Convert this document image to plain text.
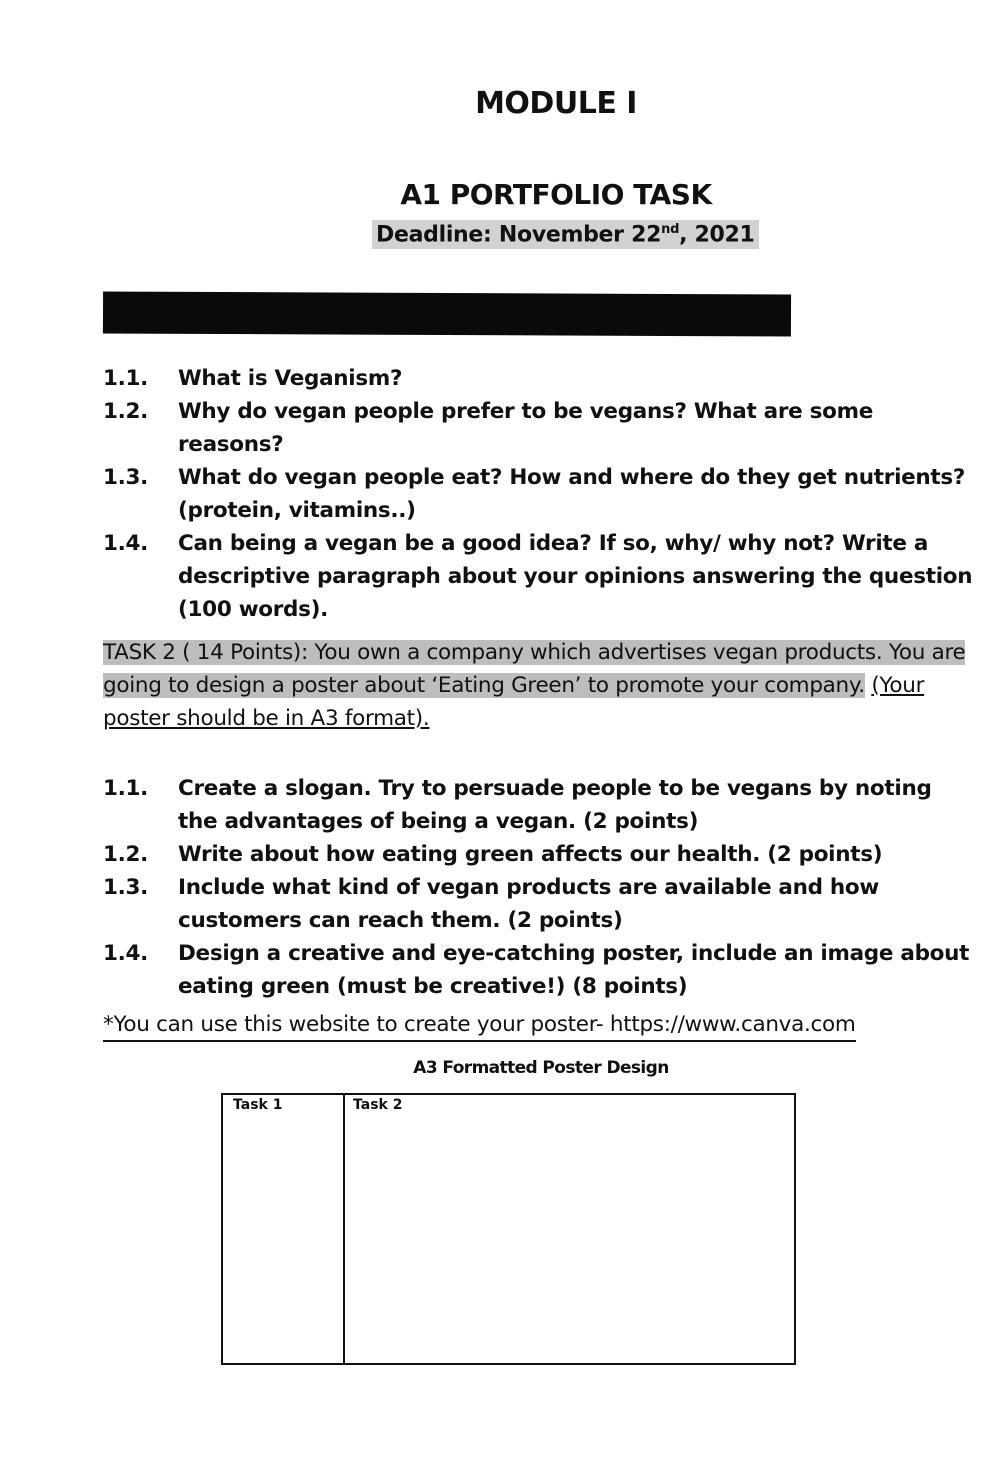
MODULE I
A1 PORTFOLIO TASK
Deadline: November 22nd, 2021
1.1.	What is Veganism?
1.2.	Why do vegan people prefer to be vegans? What are some reasons?
1.3.	What do vegan people eat? How and where do they get nutrients? (protein, vitamins..)
1.4.	Can being a vegan be a good idea? If so, why/ why not? Write a descriptive paragraph about your opinions answering the question (100 words).
TASK 2 ( 14 Points): You own a company which advertises vegan products. You are going to design a poster about ‘Eating Green’ to promote your company. (Your poster should be in A3 format).
1.1.	Create a slogan. Try to persuade people to be vegans by noting the advantages of being a vegan. (2 points)
1.2.	Write about how eating green affects our health. (2 points)
1.3.	Include what kind of vegan products are available and how customers can reach them. (2 points)
1.4.	Design a creative and eye-catching poster, include an image about eating green (must be creative!) (8 points)
*You can use this website to create your poster- https://www.canva.com
A3 Formatted Poster Design
Task 1	Task 2
